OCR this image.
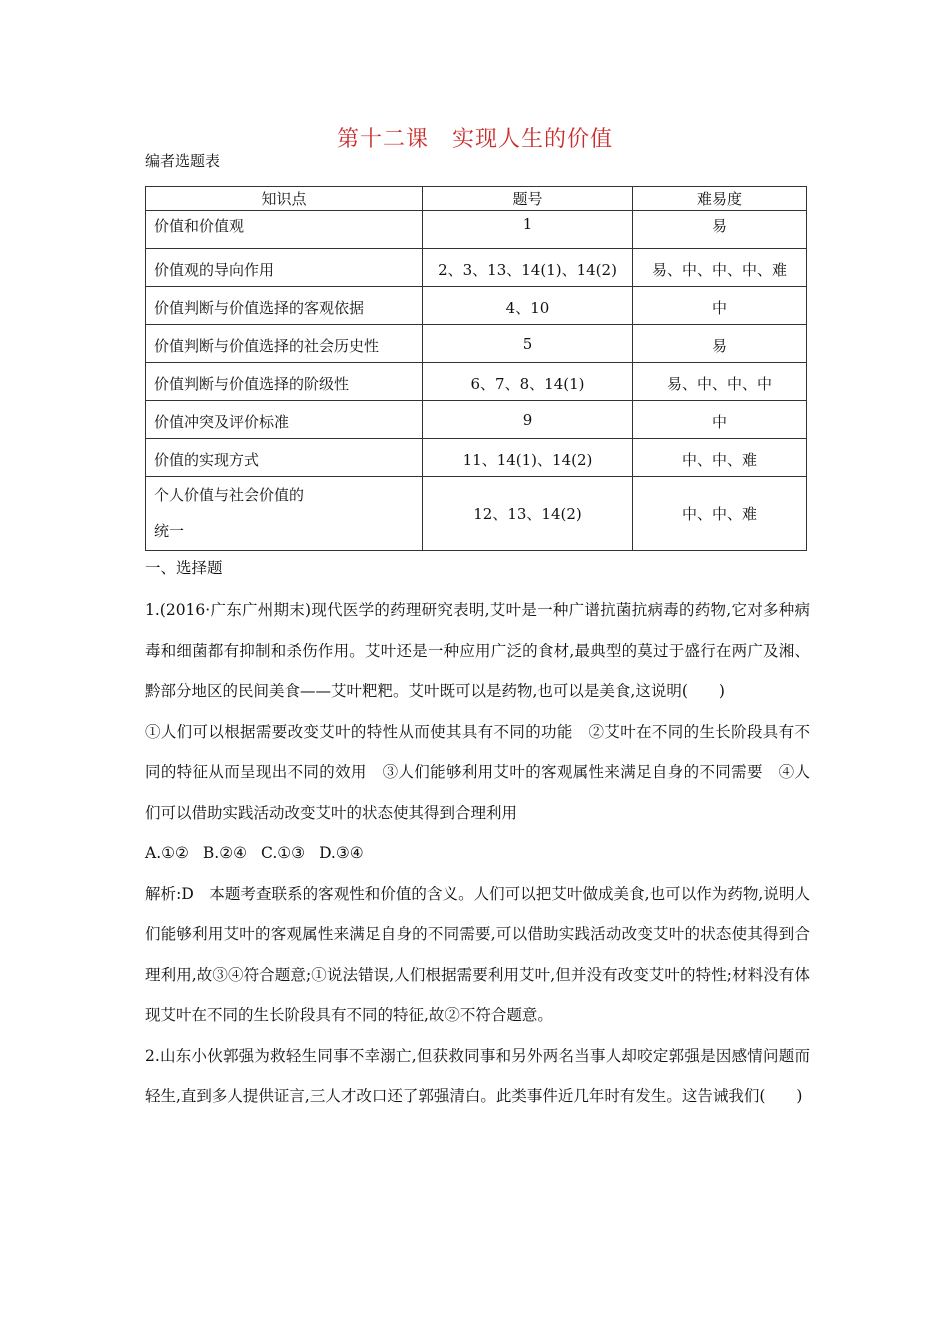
第十二课　实现人生的价值
编者选题表
知识点	题号	难易度
价值和价值观	1	易
价值观的导向作用	2、3、13、14(1)、14(2)	易、中、中、中、难
价值判断与价值选择的客观依据	4、10	中
价值判断与价值选择的社会历史性	5	易
价值判断与价值选择的阶级性	6、7、8、14(1)	易、中、中、中
价值冲突及评价标准	9	中
价值的实现方式	11、14(1)、14(2)	中、中、难

个人价值与社会价值的
统一	12、13、14(2)	中、中、难

一、选择题

1.(2016·广东广州期末)现代医学的药理研究表明,艾叶是一种广谱抗菌抗病毒的药物,它对多种病毒和细菌都有抑制和杀伤作用。艾叶还是一种应用广泛的食材,最典型的莫过于盛行在两广及湘、黔部分地区的民间美食——艾叶粑粑。艾叶既可以是药物,也可以是美食,这说明(　　)

①人们可以根据需要改变艾叶的特性从而使其具有不同的功能　②艾叶在不同的生长阶段具有不同的特征从而呈现出不同的效用　③人们能够利用艾叶的客观属性来满足自身的不同需要　④人们可以借助实践活动改变艾叶的状态使其得到合理利用

A.①② B.②④ C.①③ D.③④

解析:D　本题考查联系的客观性和价值的含义。人们可以把艾叶做成美食,也可以作为药物,说明人们能够利用艾叶的客观属性来满足自身的不同需要,可以借助实践活动改变艾叶的状态使其得到合理利用,故③④符合题意;①说法错误,人们根据需要利用艾叶,但并没有改变艾叶的特性;材料没有体现艾叶在不同的生长阶段具有不同的特征,故②不符合题意。

2.山东小伙郭强为救轻生同事不幸溺亡,但获救同事和另外两名当事人却咬定郭强是因感情问题而轻生,直到多人提供证言,三人才改口还了郭强清白。此类事件近几年时有发生。这告诫我们(　　)
